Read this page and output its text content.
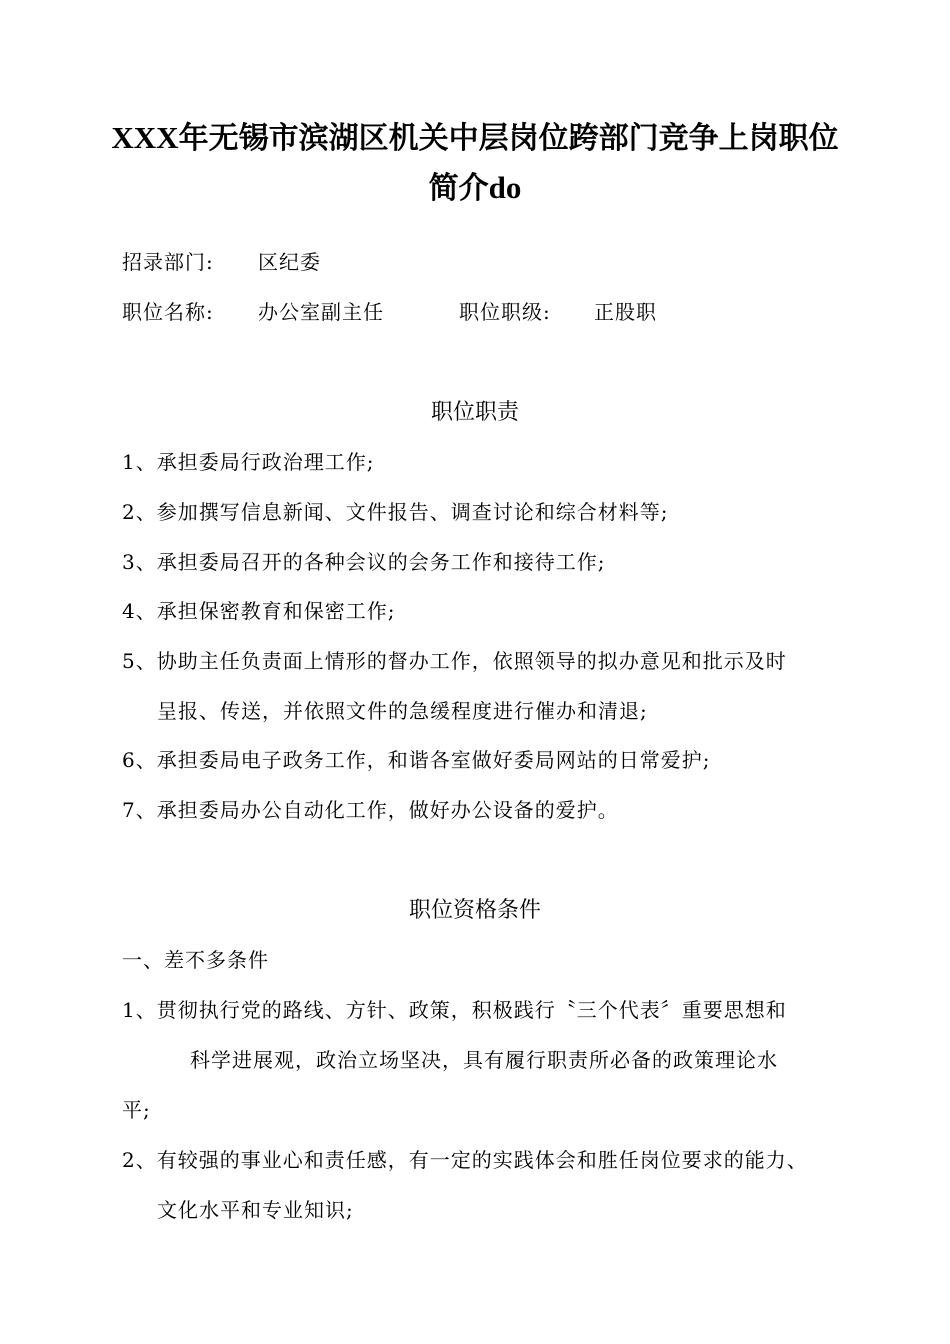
XXX年无锡市滨湖区机关中层岗位跨部门竞争上岗职位
简介do
招录部门: 区纪委
职位名称: 办公室副主任	职位职级: 正股职
职位职责
1、承担委局行政治理工作;
2、参加撰写信息新闻、文件报告、调查讨论和综合材料等;
3、承担委局召开的各种会议的会务工作和接待工作;
4、承担保密教育和保密工作;
5、协助主任负责面上情形的督办工作，依照领导的拟办意见和批示及时
呈报、传送，并依照文件的急缓程度进行催办和清退;
6、承担委局电子政务工作，和谐各室做好委局网站的日常爱护;
7、承担委局办公自动化工作，做好办公设备的爱护。
职位资格条件
一、差不多条件
1、贯彻执行党的路线、方针、政策，积极践行〝三个代表〞重要思想和
科学进展观，政治立场坚决，具有履行职责所必备的政策理论水
平;
2、有较强的事业心和责任感，有一定的实践体会和胜任岗位要求的能力、
文化水平和专业知识;
